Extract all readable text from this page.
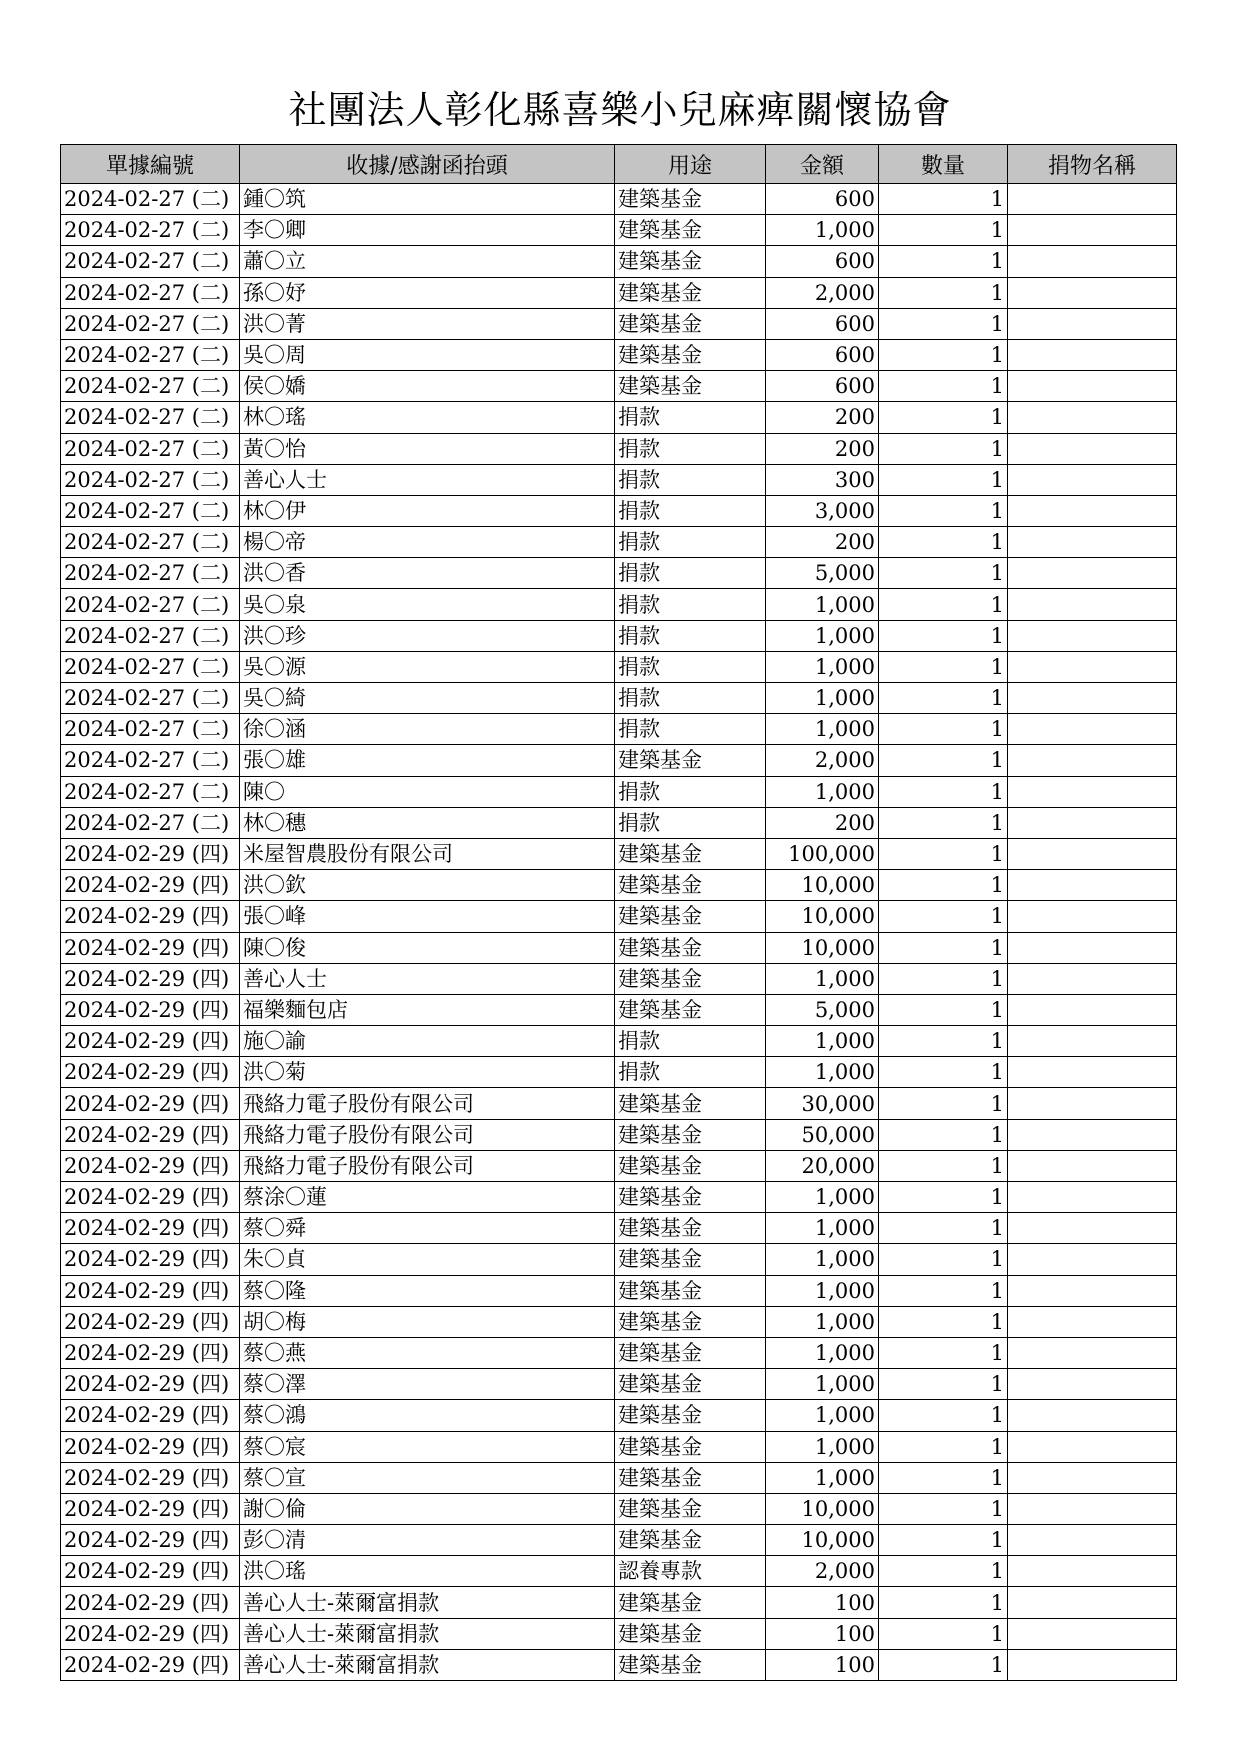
社團法人彰化縣喜樂小兒麻痺關懷協會
單據編號	收據/感謝函抬頭	用途	金額	數量	捐物名稱
2024-02-27 (二)	鍾〇筑	建築基金	600	1	
2024-02-27 (二)	李〇卿	建築基金	1,000	1	
2024-02-27 (二)	蕭〇立	建築基金	600	1	
2024-02-27 (二)	孫〇妤	建築基金	2,000	1	
2024-02-27 (二)	洪〇菁	建築基金	600	1	
2024-02-27 (二)	吳〇周	建築基金	600	1	
2024-02-27 (二)	侯〇嬌	建築基金	600	1	
2024-02-27 (二)	林〇瑤	捐款	200	1	
2024-02-27 (二)	黃〇怡	捐款	200	1	
2024-02-27 (二)	善心人士	捐款	300	1	
2024-02-27 (二)	林〇伊	捐款	3,000	1	
2024-02-27 (二)	楊〇帝	捐款	200	1	
2024-02-27 (二)	洪〇香	捐款	5,000	1	
2024-02-27 (二)	吳〇泉	捐款	1,000	1	
2024-02-27 (二)	洪〇珍	捐款	1,000	1	
2024-02-27 (二)	吳〇源	捐款	1,000	1	
2024-02-27 (二)	吳〇綺	捐款	1,000	1	
2024-02-27 (二)	徐〇涵	捐款	1,000	1	
2024-02-27 (二)	張〇雄	建築基金	2,000	1	
2024-02-27 (二)	陳〇	捐款	1,000	1	
2024-02-27 (二)	林〇穗	捐款	200	1	
2024-02-29 (四)	米屋智農股份有限公司	建築基金	100,000	1	
2024-02-29 (四)	洪〇欽	建築基金	10,000	1	
2024-02-29 (四)	張〇峰	建築基金	10,000	1	
2024-02-29 (四)	陳〇俊	建築基金	10,000	1	
2024-02-29 (四)	善心人士	建築基金	1,000	1	
2024-02-29 (四)	福樂麵包店	建築基金	5,000	1	
2024-02-29 (四)	施〇諭	捐款	1,000	1	
2024-02-29 (四)	洪〇菊	捐款	1,000	1	
2024-02-29 (四)	飛絡力電子股份有限公司	建築基金	30,000	1	
2024-02-29 (四)	飛絡力電子股份有限公司	建築基金	50,000	1	
2024-02-29 (四)	飛絡力電子股份有限公司	建築基金	20,000	1	
2024-02-29 (四)	蔡涂〇蓮	建築基金	1,000	1	
2024-02-29 (四)	蔡〇舜	建築基金	1,000	1	
2024-02-29 (四)	朱〇貞	建築基金	1,000	1	
2024-02-29 (四)	蔡〇隆	建築基金	1,000	1	
2024-02-29 (四)	胡〇梅	建築基金	1,000	1	
2024-02-29 (四)	蔡〇燕	建築基金	1,000	1	
2024-02-29 (四)	蔡〇澤	建築基金	1,000	1	
2024-02-29 (四)	蔡〇鴻	建築基金	1,000	1	
2024-02-29 (四)	蔡〇宸	建築基金	1,000	1	
2024-02-29 (四)	蔡〇宣	建築基金	1,000	1	
2024-02-29 (四)	謝〇倫	建築基金	10,000	1	
2024-02-29 (四)	彭〇清	建築基金	10,000	1	
2024-02-29 (四)	洪〇瑤	認養專款	2,000	1	
2024-02-29 (四)	善心人士-萊爾富捐款	建築基金	100	1	
2024-02-29 (四)	善心人士-萊爾富捐款	建築基金	100	1	
2024-02-29 (四)	善心人士-萊爾富捐款	建築基金	100	1	
